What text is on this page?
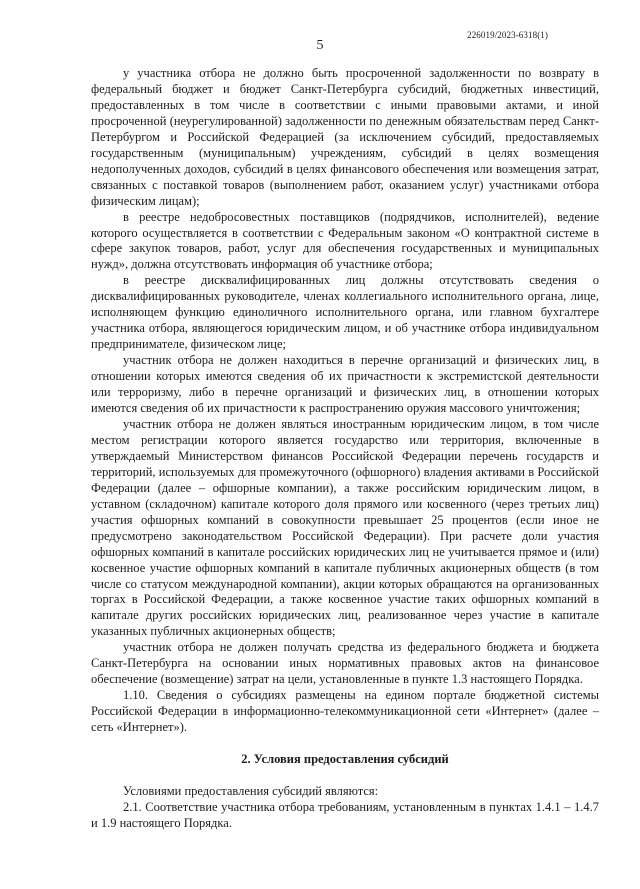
226019/2023-6318(1)
5

у участника отбора не должно быть просроченной задолженности по возврату в федеральный бюджет и бюджет Санкт-Петербурга субсидий, бюджетных инвестиций, предоставленных в том числе в соответствии с иными правовыми актами, и иной просроченной (неурегулированной) задолженности по денежным обязательствам перед Санкт-Петербургом и Российской Федерацией (за исключением субсидий, предоставляемых государственным (муниципальным) учреждениям, субсидий в целях возмещения недополученных доходов, субсидий в целях финансового обеспечения или возмещения затрат, связанных с поставкой товаров (выполнением работ, оказанием услуг) участниками отбора физическим лицам);

в реестре недобросовестных поставщиков (подрядчиков, исполнителей), ведение которого осуществляется в соответствии с Федеральным законом «О контрактной системе в сфере закупок товаров, работ, услуг для обеспечения государственных и муниципальных нужд», должна отсутствовать информация об участнике отбора;

в реестре дисквалифицированных лиц должны отсутствовать сведения о дисквалифицированных руководителе, членах коллегиального исполнительного органа, лице, исполняющем функцию единоличного исполнительного органа, или главном бухгалтере участника отбора, являющегося юридическим лицом, и об участнике отбора индивидуальном предпринимателе, физическом лице;

участник отбора не должен находиться в перечне организаций и физических лиц, в отношении которых имеются сведения об их причастности к экстремистской деятельности или терроризму, либо в перечне организаций и физических лиц, в отношении которых имеются сведения об их причастности к распространению оружия массового уничтожения;

участник отбора не должен являться иностранным юридическим лицом, в том числе местом регистрации которого является государство или территория, включенные в утверждаемый Министерством финансов Российской Федерации перечень государств и территорий, используемых для промежуточного (офшорного) владения активами в Российской Федерации (далее – офшорные компании), а также российским юридическим лицом, в уставном (складочном) капитале которого доля прямого или косвенного (через третьих лиц) участия офшорных компаний в совокупности превышает 25 процентов (если иное не предусмотрено законодательством Российской Федерации). При расчете доли участия офшорных компаний в капитале российских юридических лиц не учитывается прямое и (или) косвенное участие офшорных компаний в капитале публичных акционерных обществ (в том числе со статусом международной компании), акции которых обращаются на организованных торгах в Российской Федерации, а также косвенное участие таких офшорных компаний в капитале других российских юридических лиц, реализованное через участие в капитале указанных публичных акционерных обществ;

участник отбора не должен получать средства из федерального бюджета и бюджета Санкт-Петербурга на основании иных нормативных правовых актов на финансовое обеспечение (возмещение) затрат на цели, установленные в пункте 1.3 настоящего Порядка.

1.10. Сведения о субсидиях размещены на едином портале бюджетной системы Российской Федерации в информационно-телекоммуникационной сети «Интернет» (далее – сеть «Интернет»).

2. Условия предоставления субсидий

Условиями предоставления субсидий являются:

2.1. Соответствие участника отбора требованиям, установленным в пунктах 1.4.1 – 1.4.7 и 1.9 настоящего Порядка.
